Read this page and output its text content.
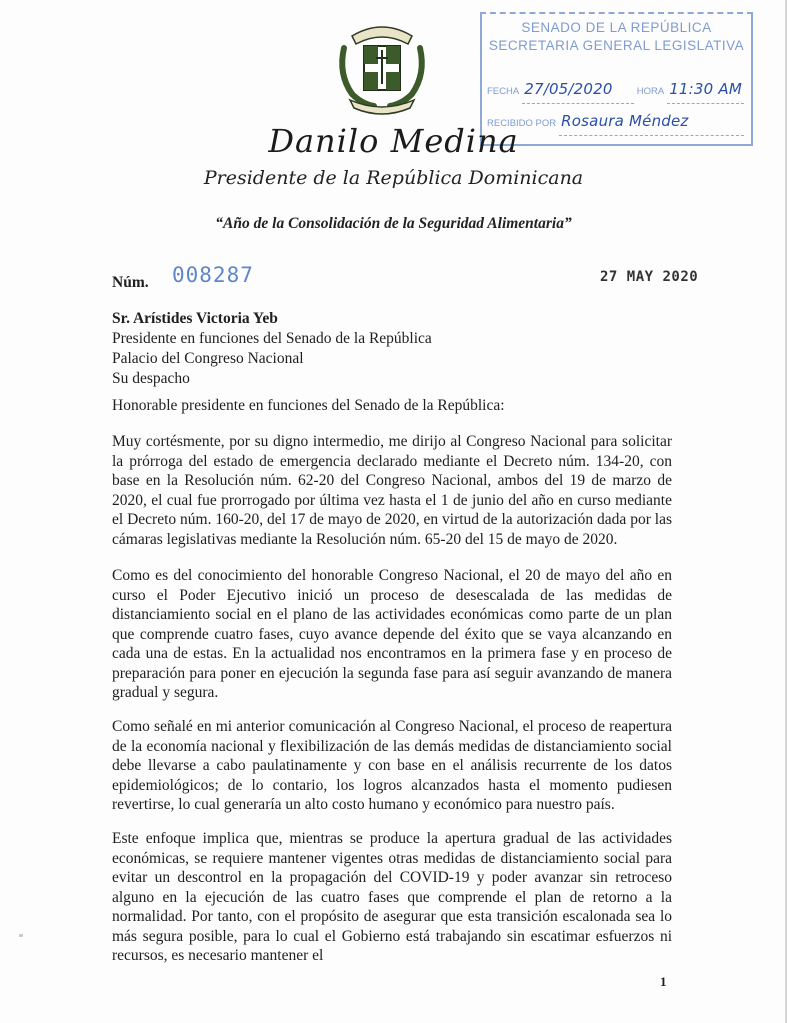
SENADO DE LA REPÚBLICA
SECRETARIA GENERAL LEGISLATIVA
FECHA 27/05/2020	HORA 11:30 AM
RECIBIDO POR Rosaura Méndez
Danilo Medina
Presidente de la República Dominicana
“Año de la Consolidación de la Seguridad Alimentaria”
Núm. 008287	27 MAY 2020
Sr. Arístides Victoria Yeb
Presidente en funciones del Senado de la República
Palacio del Congreso Nacional
Su despacho
Honorable presidente en funciones del Senado de la República:

Muy cortésmente, por su digno intermedio, me dirijo al Congreso Nacional para solicitar la prórroga del estado de emergencia declarado mediante el Decreto núm. 134-20, con base en la Resolución núm. 62-20 del Congreso Nacional, ambos del 19 de marzo de 2020, el cual fue prorrogado por última vez hasta el 1 de junio del año en curso mediante el Decreto núm. 160-20, del 17 de mayo de 2020, en virtud de la autorización dada por las cámaras legislativas mediante la Resolución núm. 65-20 del 15 de mayo de 2020.

Como es del conocimiento del honorable Congreso Nacional, el 20 de mayo del año en curso el Poder Ejecutivo inició un proceso de desescalada de las medidas de distanciamiento social en el plano de las actividades económicas como parte de un plan que comprende cuatro fases, cuyo avance depende del éxito que se vaya alcanzando en cada una de estas. En la actualidad nos encontramos en la primera fase y en proceso de preparación para poner en ejecución la segunda fase para así seguir avanzando de manera gradual y segura.

Como señalé en mi anterior comunicación al Congreso Nacional, el proceso de reapertura de la economía nacional y flexibilización de las demás medidas de distanciamiento social debe llevarse a cabo paulatinamente y con base en el análisis recurrente de los datos epidemiológicos; de lo contario, los logros alcanzados hasta el momento pudiesen revertirse, lo cual generaría un alto costo humano y económico para nuestro país.

Este enfoque implica que, mientras se produce la apertura gradual de las actividades económicas, se requiere mantener vigentes otras medidas de distanciamiento social para evitar un descontrol en la propagación del COVID-19 y poder avanzar sin retroceso alguno en la ejecución de las cuatro fases que comprende el plan de retorno a la normalidad. Por tanto, con el propósito de asegurar que esta transición escalonada sea lo más segura posible, para lo cual el Gobierno está trabajando sin escatimar esfuerzos ni recursos, es necesario mantener el

1
